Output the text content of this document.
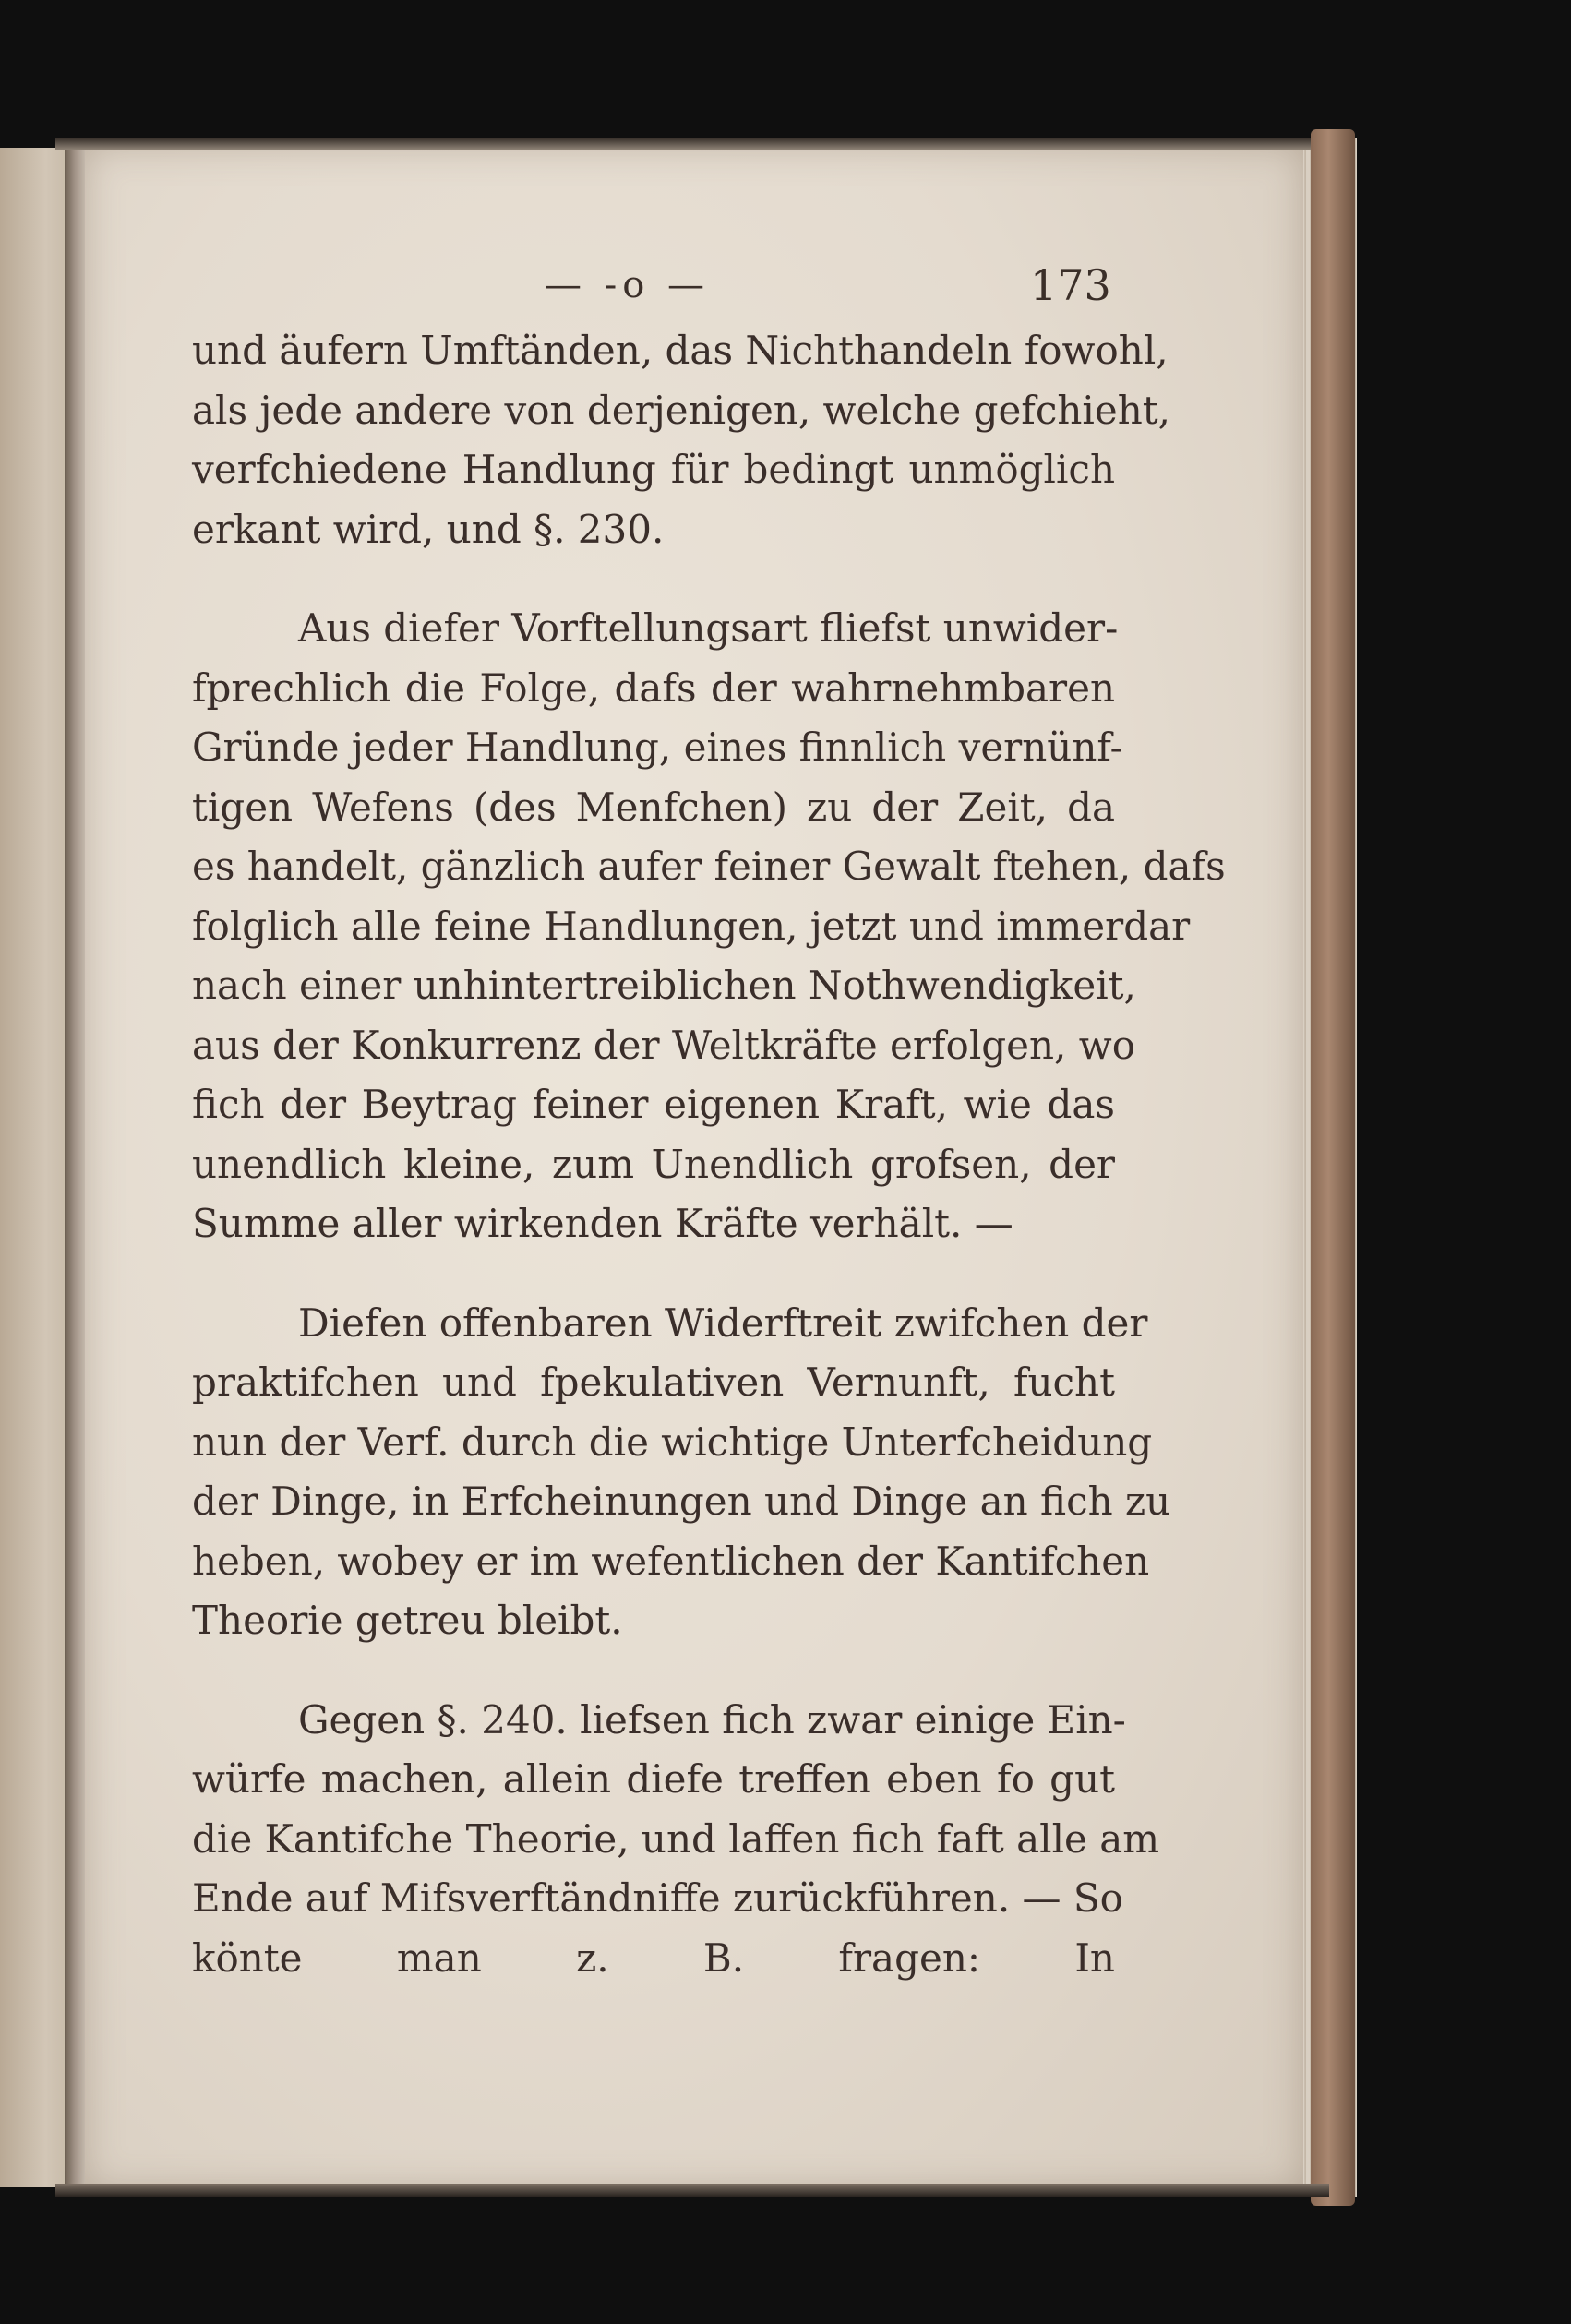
— -o —	173
und äufern Umftänden, das Nichthandeln fowohl,
als jede andere von derjenigen, welche gefchieht,
verfchiedene Handlung für bedingt unmöglich
erkant wird, und §. 230.
Aus diefer Vorftellungsart fliefst unwider-
fprechlich die Folge, dafs der wahrnehmbaren
Gründe jeder Handlung, eines finnlich vernünf-
tigen Wefens (des Menfchen) zu der Zeit, da
es handelt, gänzlich aufer feiner Gewalt ftehen, dafs
folglich alle feine Handlungen, jetzt und immerdar
nach einer unhintertreiblichen Nothwendigkeit,
aus der Konkurrenz der Weltkräfte erfolgen, wo
fich der Beytrag feiner eigenen Kraft, wie das
unendlich kleine, zum Unendlich grofsen, der
Summe aller wirkenden Kräfte verhält. —
Diefen offenbaren Widerftreit zwifchen der
praktifchen und fpekulativen Vernunft, fucht
nun der Verf. durch die wichtige Unterfcheidung
der Dinge, in Erfcheinungen und Dinge an fich zu
heben, wobey er im wefentlichen der Kantifchen
Theorie getreu bleibt.
Gegen §. 240. liefsen fich zwar einige Ein-
würfe machen, allein diefe treffen eben fo gut
die Kantifche Theorie, und laffen fich faft alle am
Ende auf Mifsverftändniffe zurückführen. — So
könte man z. B. fragen: In
